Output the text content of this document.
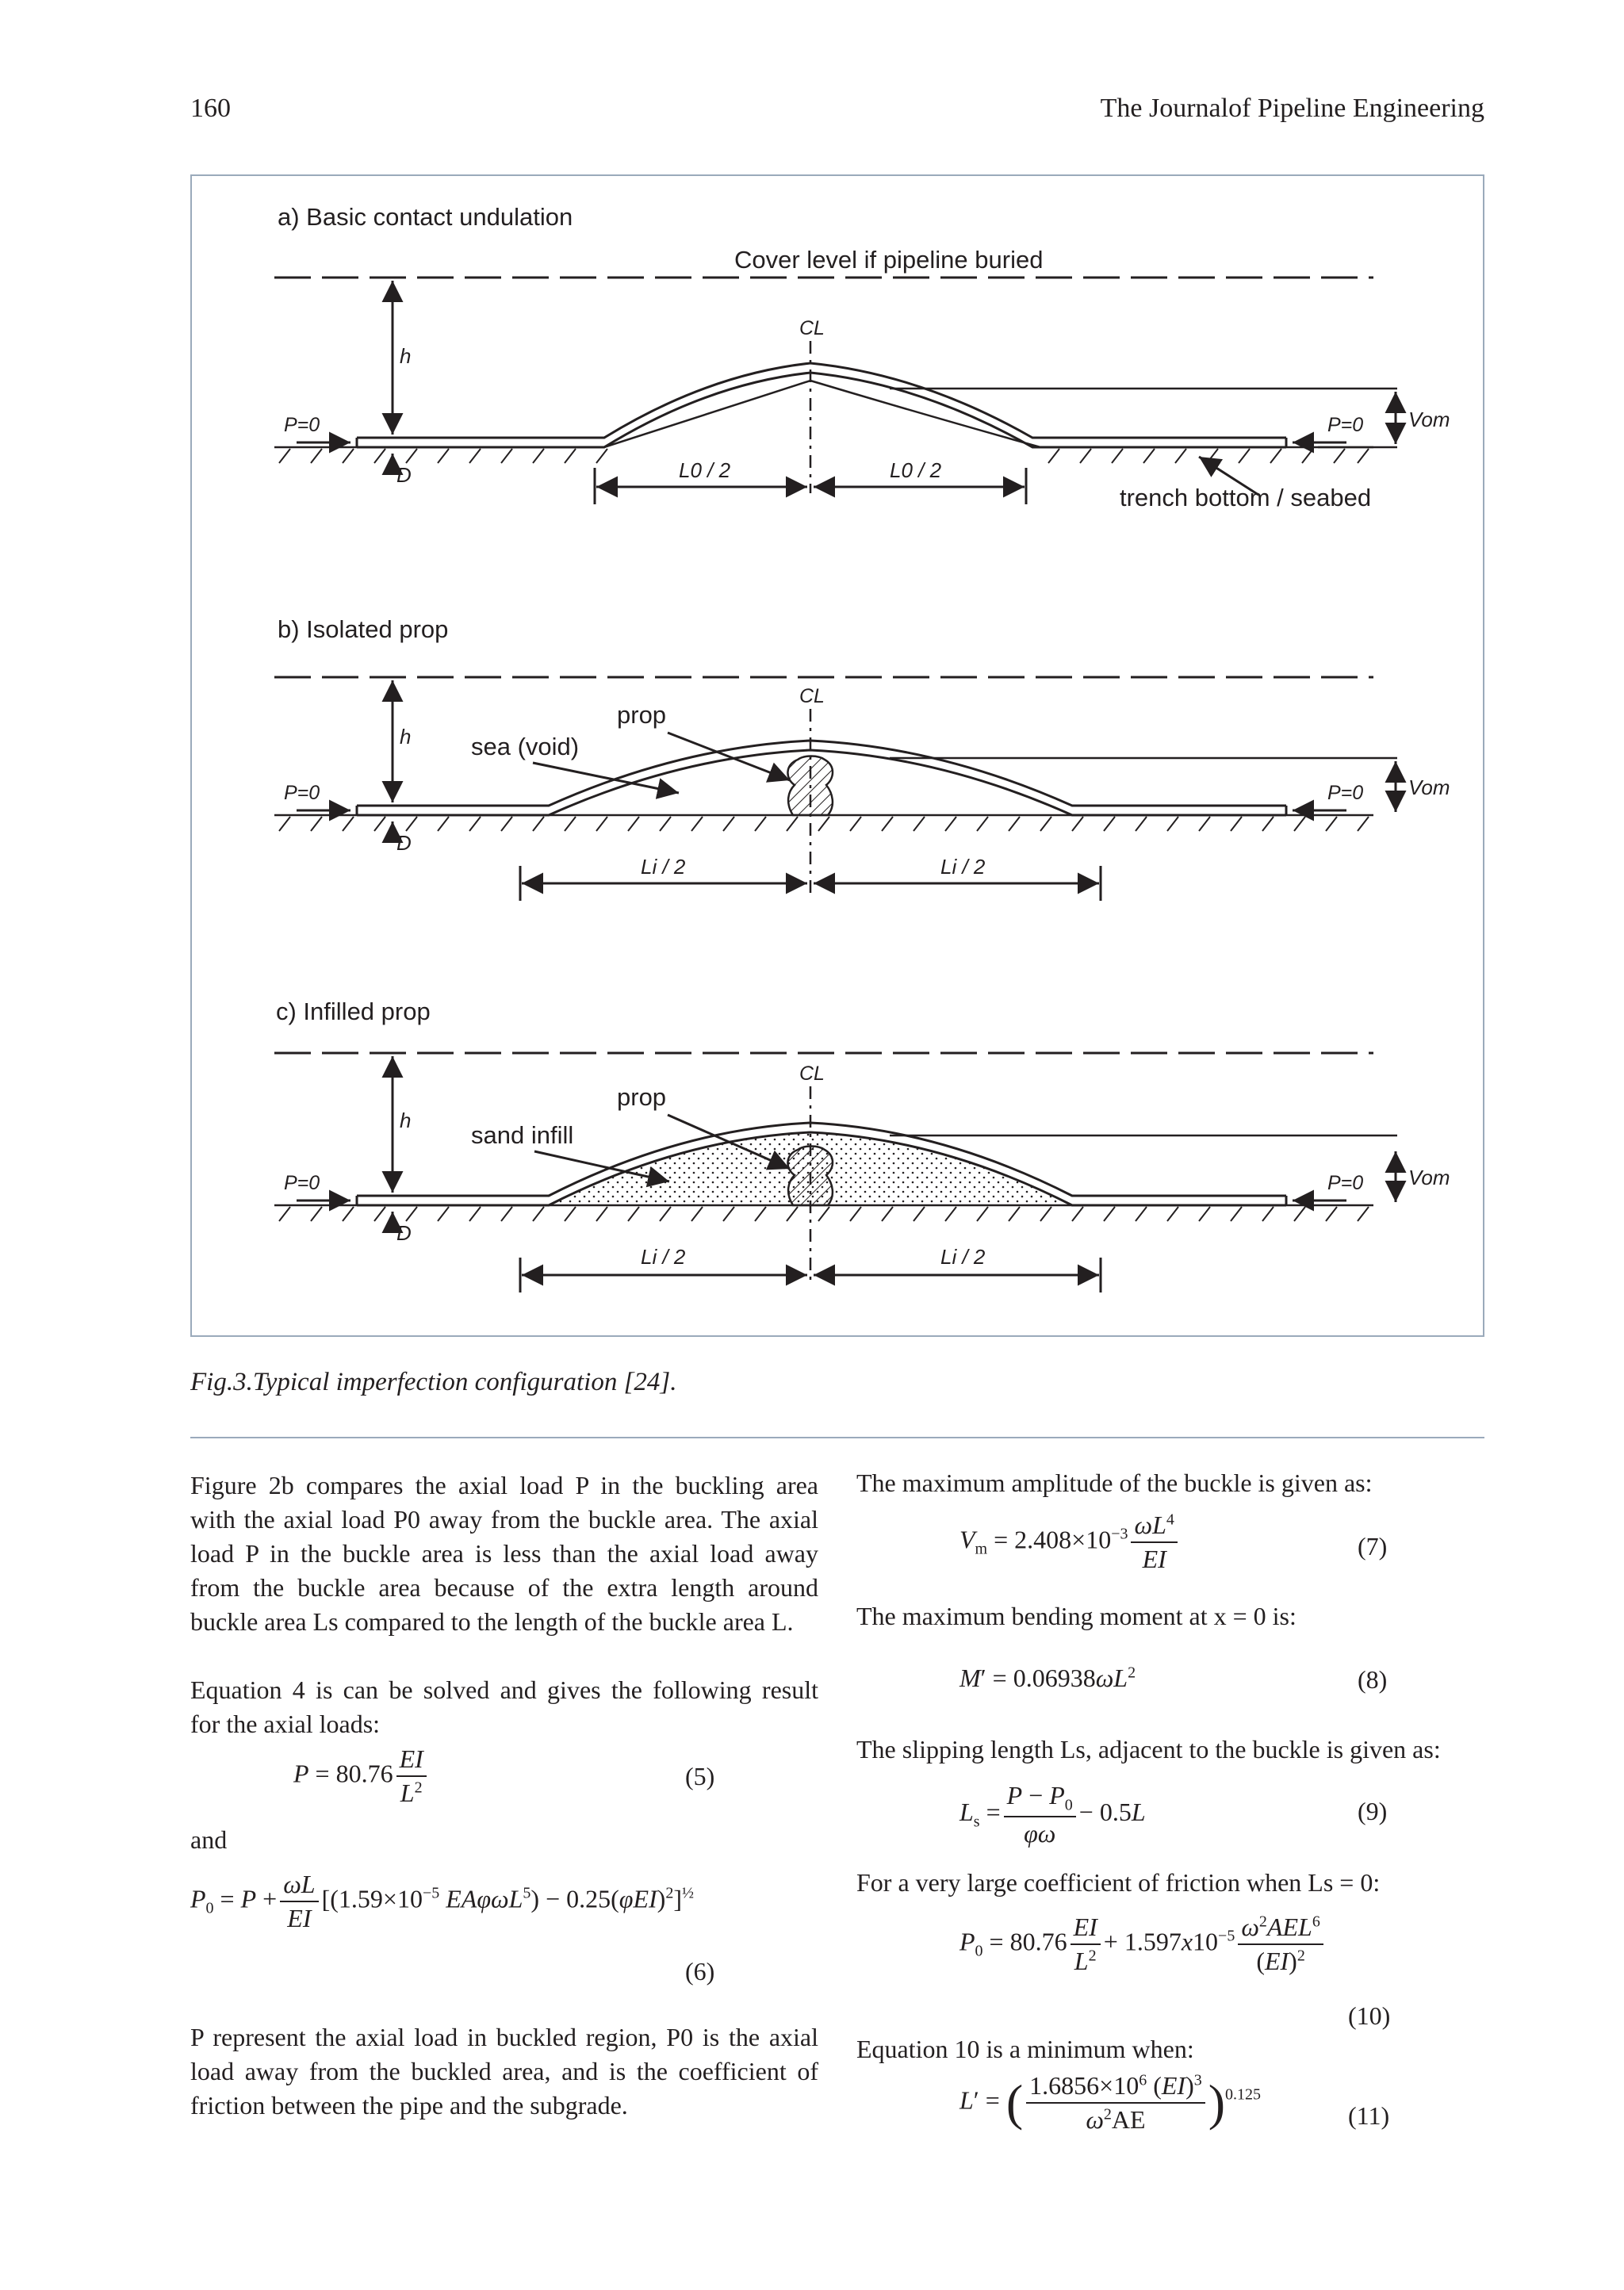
160	The Journalof Pipeline Engineering
a) Basic contact undulation
Cover level if pipeline buried
h
D
P=0	P=0 Vom
CL
L0 / 2	L0 / 2
trench bottom / seabed
b) Isolated prop
h
D
P=0	P=0 Vom
CL
prop
sea (void)
Li / 2	Li / 2
c) Infilled prop
h
D
P=0	P=0 Vom
CL
prop
sand infill
Li / 2	Li / 2
Fig.3.Typical imperfection configuration [24].
Figure 2b compares the axial load P in the buckling area
with the axial load P0 away from the buckle area. The axial
load P in the buckle area is less than the axial load away
from the buckle area because of the extra length around
buckle area Ls compared to the length of the buckle area L.
Equation 4 is can be solved and gives the following result
for the axial loads:
$P = 80.76 \frac{EI}{L^2}$	(5)
and
$P_0 = P + \frac{\omega L}{EI} [(1.59\times 10^{-5}$ $EA\varphi\omega L^5) - 0.25(\varphi EI)^2]^{\frac{1}{2}}$
(6)
P represent the axial load in buckled region, P0 is the axial
load away from the buckled area, and is the coefficient of
friction between the pipe and the subgrade.
The maximum amplitude of the buckle is given as:
$V_m = 2.408\times 10^{-3} \frac{\omega L^4}{EI}$	(7)
The maximum bending moment at x = 0 is:
$M' = 0.06938\omega L^2$	(8)
The slipping length Ls, adjacent to the buckle is given as:
$L_s = \frac{P - P_0}{\varphi\omega} - 0.5L$	(9)
For a very large coefficient of friction when Ls = 0:
$P_0 = 80.76 \frac{EI}{L^2} + 1.597x10^{-5} \frac{\omega^2AEL^6}{(EI)^2}$
(10)
Equation 10 is a minimum when:
L′ = ( $\frac{1.6856\times 10^6 (EI)^3}{\omega^2AE} )^{0.125}$
(11)
